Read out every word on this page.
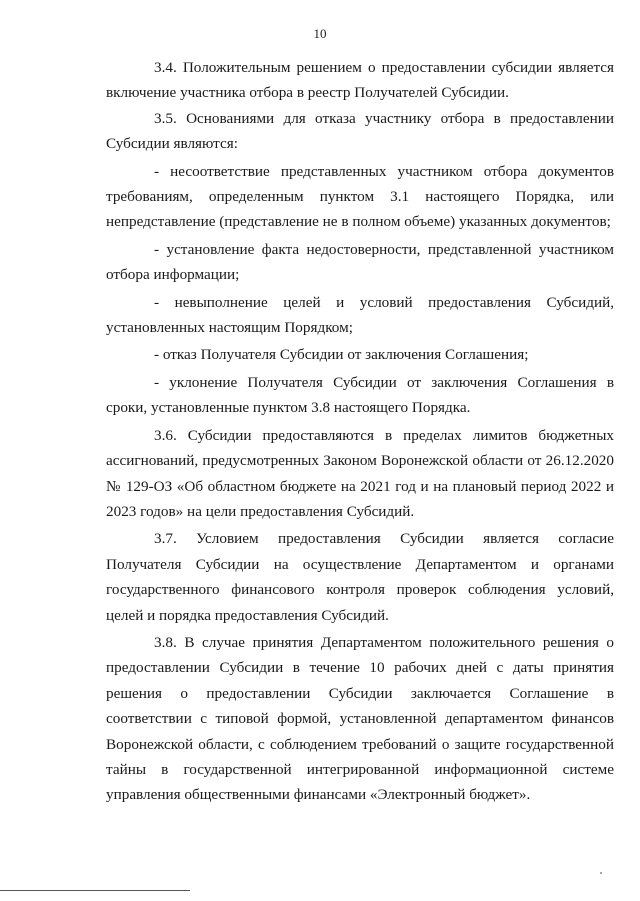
10

3.4. Положительным решением о предоставлении субсидии является включение участника отбора в реестр Получателей Субсидии.

3.5. Основаниями для отказа участнику отбора в предоставлении Субсидии являются:

- несоответствие представленных участником отбора документов требованиям, определенным пунктом 3.1 настоящего Порядка, или непредставление (представление не в полном объеме) указанных документов;

- установление факта недостоверности, представленной участником отбора информации;

- невыполнение целей и условий предоставления Субсидий, установленных настоящим Порядком;

- отказ Получателя Субсидии от заключения Соглашения;

- уклонение Получателя Субсидии от заключения Соглашения в сроки, установленные пунктом 3.8 настоящего Порядка.

3.6. Субсидии предоставляются в пределах лимитов бюджетных ассигнований, предусмотренных Законом Воронежской области от 26.12.2020 № 129-ОЗ «Об областном бюджете на 2021 год и на плановый период 2022 и 2023 годов» на цели предоставления Субсидий.

3.7. Условием предоставления Субсидии является согласие Получателя Субсидии на осуществление Департаментом и органами государственного финансового контроля проверок соблюдения условий, целей и порядка предоставления Субсидий.

3.8. В случае принятия Департаментом положительного решения о предоставлении Субсидии в течение 10 рабочих дней с даты принятия решения о предоставлении Субсидии заключается Соглашение в соответствии с типовой формой, установленной департаментом финансов Воронежской области, с соблюдением требований о защите государственной тайны в государственной интегрированной информационной системе управления общественными финансами «Электронный бюджет».
